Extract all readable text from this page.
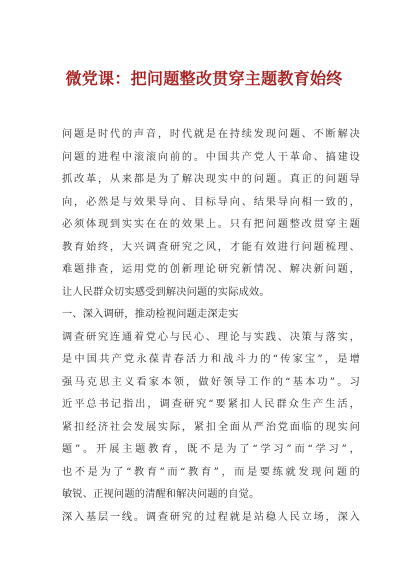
微党课：把问题整改贯穿主题教育始终
问题是时代的声音，时代就是在持续发现问题、不断解决
问题的进程中滚滚向前的。中国共产党人干革命、搞建设
抓改革，从来都是为了解决现实中的问题。真正的问题导
向，必然是与效果导向、目标导向、结果导向相一致的，
必须体现到实实在在的效果上。只有把问题整改贯穿主题
教育始终，大兴调查研究之风，才能有效进行问题梳理、
难题排查，运用党的创新理论研究新情况、解决新问题，
让人民群众切实感受到解决问题的实际成效。
一、深入调研，推动检视问题走深走实
调查研究连通着党心与民心、理论与实践、决策与落实，
是中国共产党永葆青春活力和战斗力的“传家宝”，是增
强马克思主义看家本领，做好领导工作的“基本功”。习
近平总书记指出，调查研究“要紧扣人民群众生产生活，
紧扣经济社会发展实际，紧扣全面从严治党面临的现实问
题”。开展主题教育，既不是为了“学习”而“学习”，
也不是为了“教育”而“教育”，而是要练就发现问题的
敏锐、正视问题的清醒和解决问题的自觉。
深入基层一线。调查研究的过程就是站稳人民立场，深入
